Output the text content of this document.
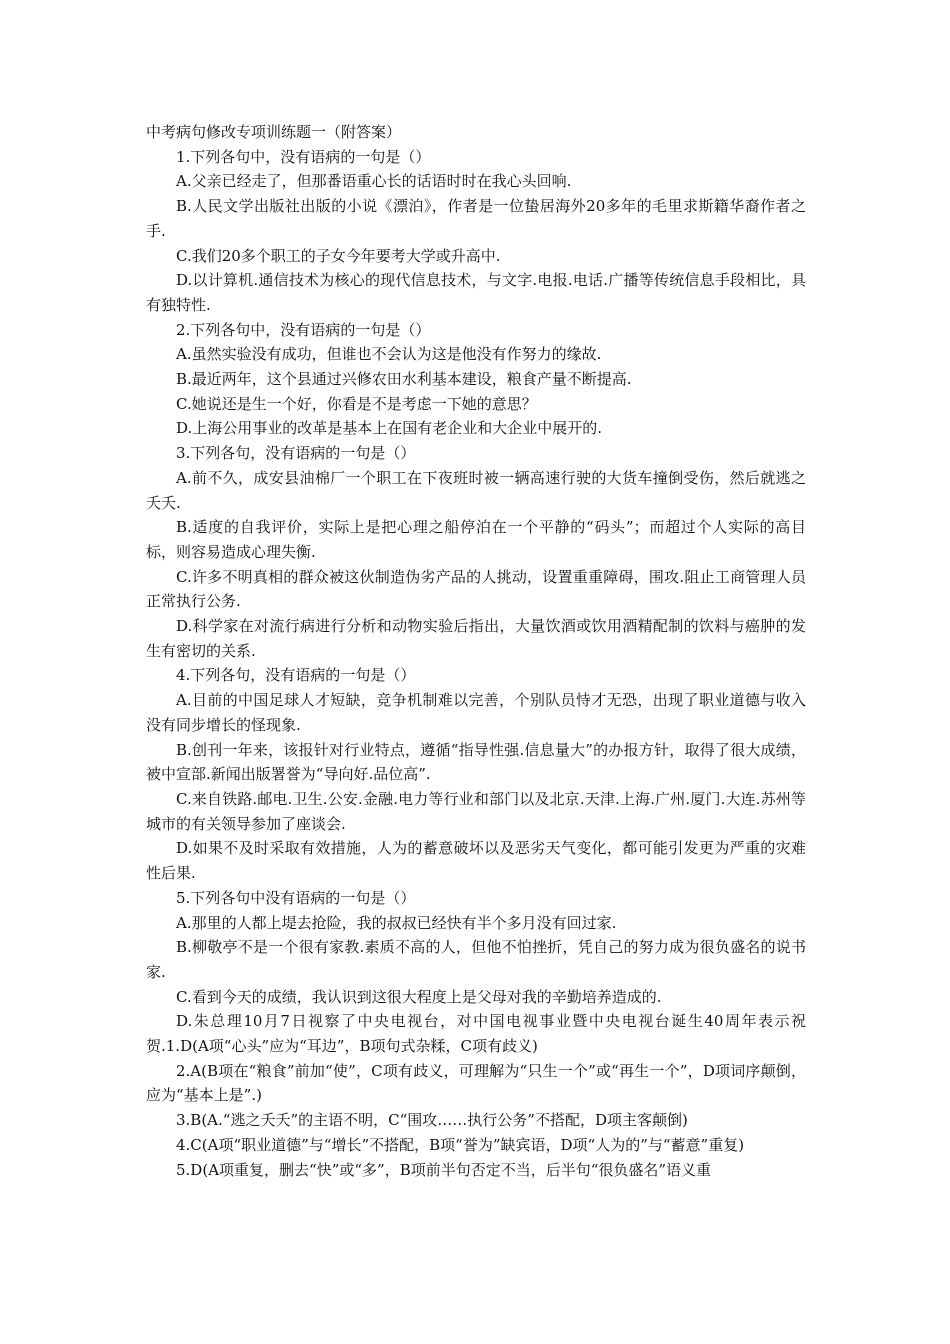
中考病句修改专项训练题一（附答案）

1.下列各句中，没有语病的一句是（）

A.父亲已经走了，但那番语重心长的话语时时在我心头回响.

B.人民文学出版社出版的小说《漂泊》，作者是一位蛰居海外20多年的毛里求斯籍华裔作者之手.

C.我们20多个职工的子女今年要考大学或升高中.

D.以计算机.通信技术为核心的现代信息技术，与文字.电报.电话.广播等传统信息手段相比，具有独特性.

2.下列各句中，没有语病的一句是（）

A.虽然实验没有成功，但谁也不会认为这是他没有作努力的缘故.

B.最近两年，这个县通过兴修农田水利基本建设，粮食产量不断提高.

C.她说还是生一个好，你看是不是考虑一下她的意思？

D.上海公用事业的改革是基本上在国有老企业和大企业中展开的.

3.下列各句，没有语病的一句是（）

A.前不久，成安县油棉厂一个职工在下夜班时被一辆高速行驶的大货车撞倒受伤，然后就逃之夭夭.

B.适度的自我评价，实际上是把心理之船停泊在一个平静的“码头”；而超过个人实际的高目标，则容易造成心理失衡.

C.许多不明真相的群众被这伙制造伪劣产品的人挑动，设置重重障碍，围攻.阻止工商管理人员正常执行公务.

D.科学家在对流行病进行分析和动物实验后指出，大量饮酒或饮用酒精配制的饮料与癌肿的发生有密切的关系.

4.下列各句，没有语病的一句是（）

A.目前的中国足球人才短缺，竞争机制难以完善，个别队员恃才无恐，出现了职业道德与收入没有同步增长的怪现象.

B.创刊一年来，该报针对行业特点，遵循“指导性强.信息量大”的办报方针，取得了很大成绩，被中宣部.新闻出版署誉为“导向好.品位高”.

C.来自铁路.邮电.卫生.公安.金融.电力等行业和部门以及北京.天津.上海.广州.厦门.大连.苏州等城市的有关领导参加了座谈会.

D.如果不及时采取有效措施，人为的蓄意破坏以及恶劣天气变化，都可能引发更为严重的灾难性后果.

5.下列各句中没有语病的一句是（）

A.那里的人都上堤去抢险，我的叔叔已经快有半个多月没有回过家.

B.柳敬亭不是一个很有家教.素质不高的人，但他不怕挫折，凭自己的努力成为很负盛名的说书家.

C.看到今天的成绩，我认识到这很大程度上是父母对我的辛勤培养造成的.

D.朱总理10月7日视察了中央电视台，对中国电视事业暨中央电视台诞生40周年表示祝贺.1.D(A项“心头”应为“耳边”，B项句式杂糅，C项有歧义)

2.A(B项在“粮食”前加“使”，C项有歧义，可理解为“只生一个”或“再生一个”，D项词序颠倒，应为“基本上是”.)

3.B(A.“逃之夭夭”的主语不明，C“围攻……执行公务”不搭配，D项主客颠倒)

4.C(A项“职业道德”与“增长”不搭配，B项“誉为”缺宾语，D项“人为的”与“蓄意”重复)

5.D(A项重复，删去“快”或“多”，B项前半句否定不当，后半句“很负盛名”语义重
